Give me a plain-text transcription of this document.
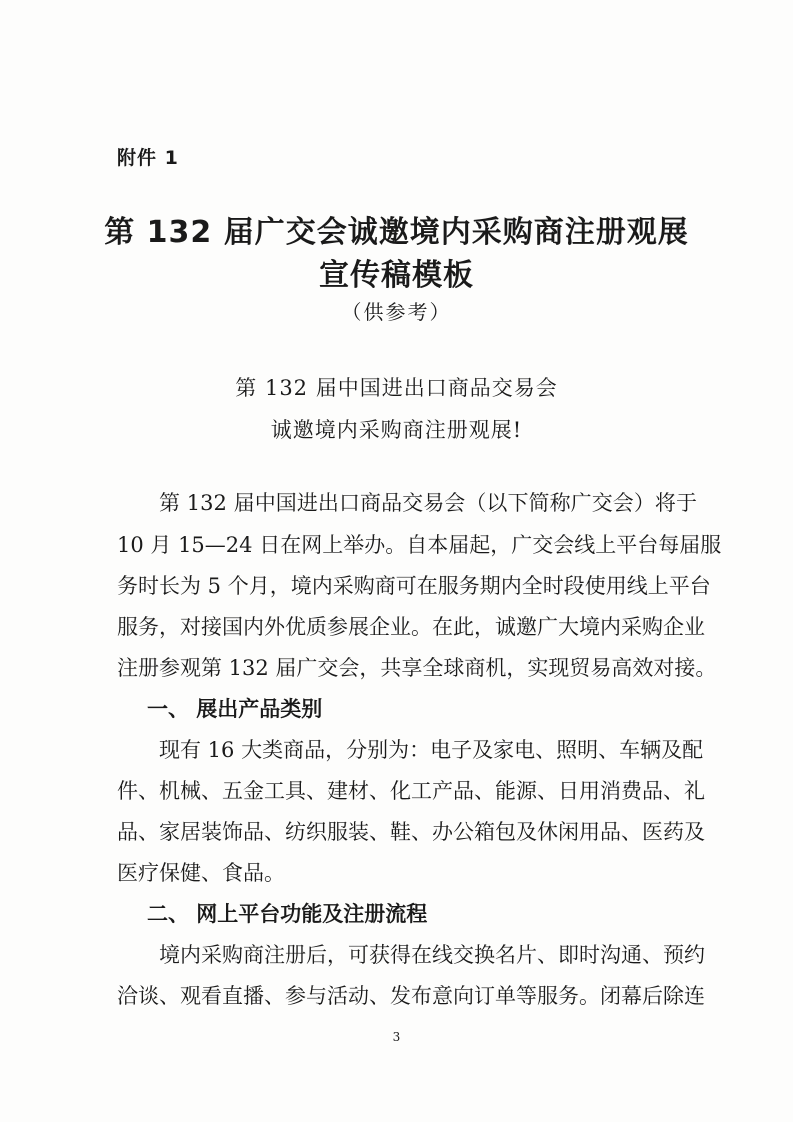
附件 1
第 132 届广交会诚邀境内采购商注册观展
宣传稿模板
（供参考）
第 132 届中国进出口商品交易会
诚邀境内采购商注册观展!
第 132 届中国进出口商品交易会（以下简称广交会）将于
10 月 15—24 日在网上举办。自本届起，广交会线上平台每届服
务时长为 5 个月，境内采购商可在服务期内全时段使用线上平台
服务，对接国内外优质参展企业。在此，诚邀广大境内采购企业
注册参观第 132 届广交会，共享全球商机，实现贸易高效对接。
一、 展出产品类别
现有 16 大类商品，分别为：电子及家电、照明、车辆及配
件、机械、五金工具、建材、化工产品、能源、日用消费品、礼
品、家居装饰品、纺织服装、鞋、办公箱包及休闲用品、医药及
医疗保健、食品。
二、 网上平台功能及注册流程
境内采购商注册后，可获得在线交换名片、即时沟通、预约
洽谈、观看直播、参与活动、发布意向订单等服务。闭幕后除连
3
